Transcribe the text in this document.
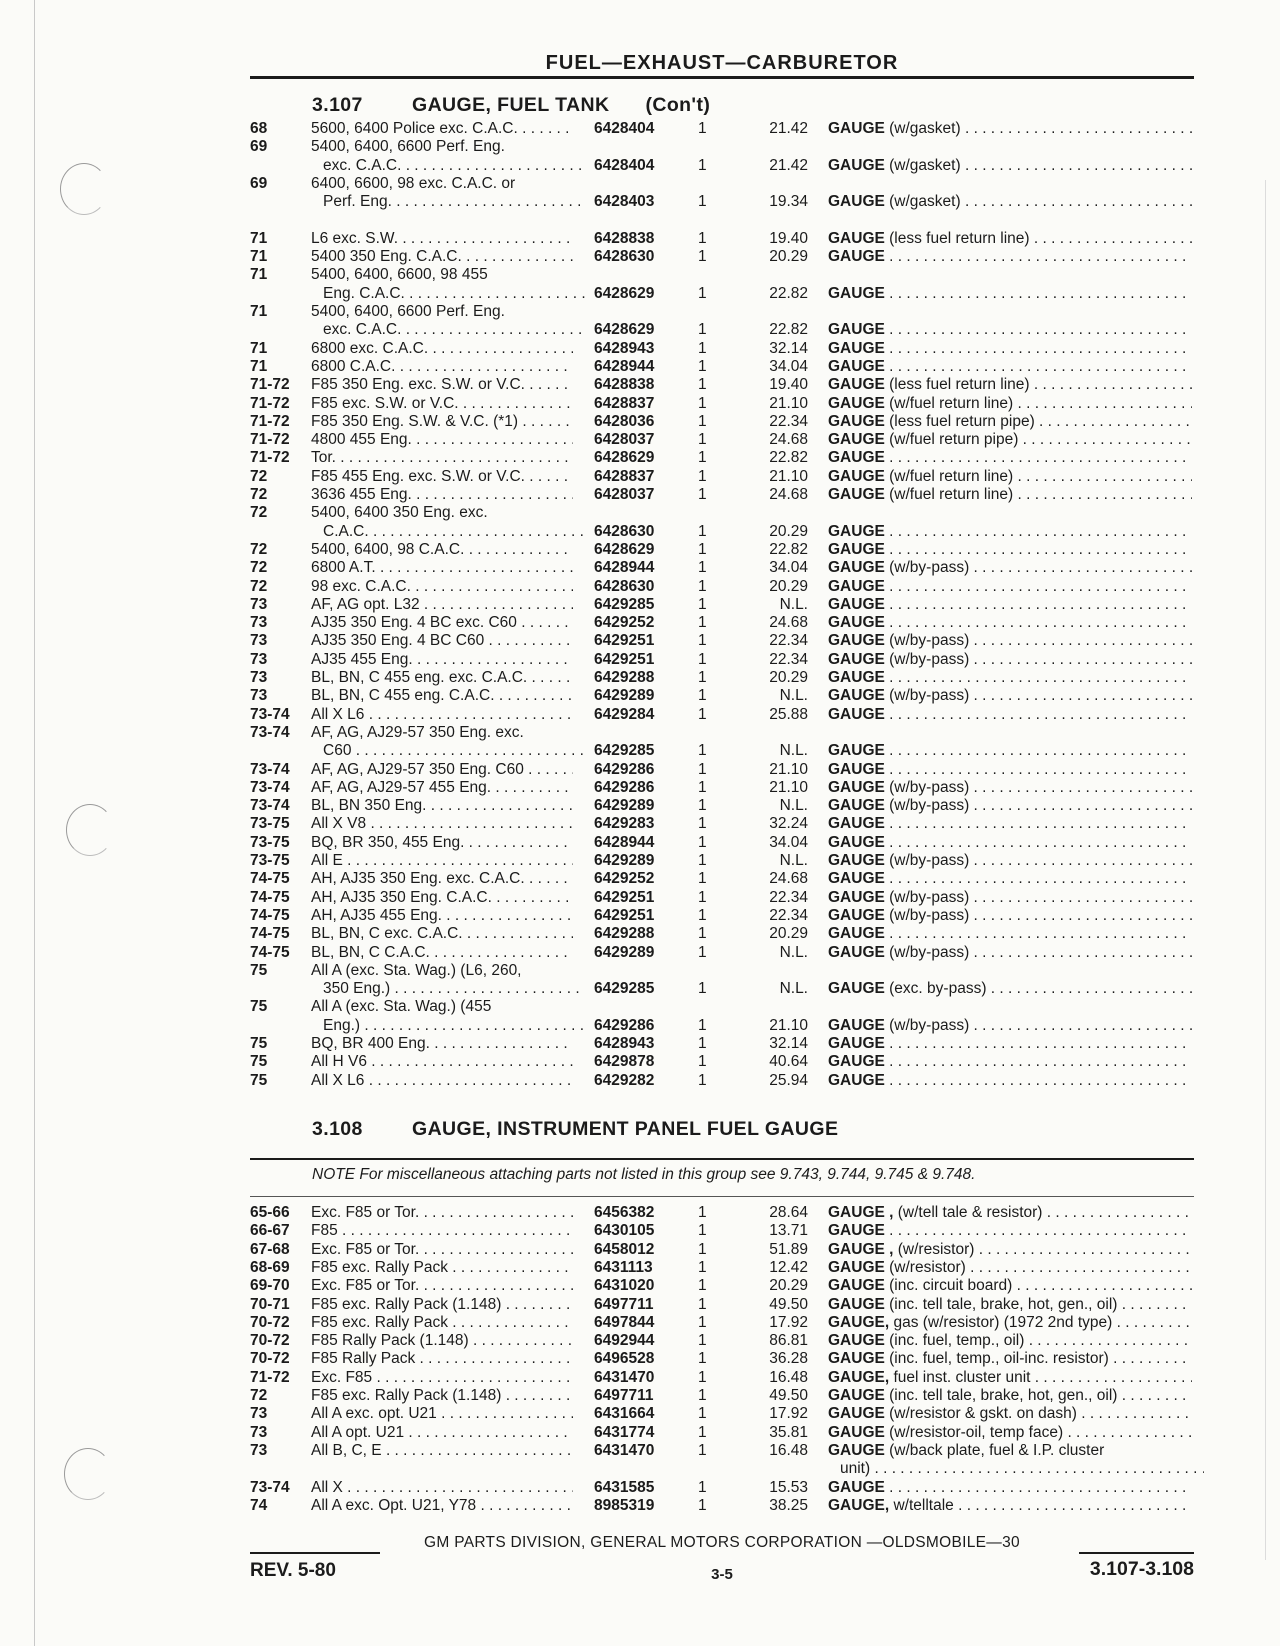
FUEL—EXHAUST—CARBURETOR
3.107	GAUGE, FUEL TANK (Con't)
68	5600, 6400 Police exc. C.A.C. . . . .	6428404	1	21.42 GAUGE (w/gasket) . . .
69	5400, 6400, 6600 Perf. Eng.
exc. C.A.C. . . .	6428404	1	21.42 GAUGE (w/gasket) . . .
69	6400, 6600, 98 exc. C.A.C. or
Perf. Eng. . . .	6428403	1	19.34 GAUGE (w/gasket) . . .
71	L6 exc. S.W. . . .	6428838	1	19.40 GAUGE (less fuel return line) . . .
71	5400 350 Eng. C.A.C. . . .	6428630	1	20.29 GAUGE . . .
71	5400, 6400, 6600, 98 455
Eng. C.A.C. . . .	6428629	1	22.82 GAUGE . . .
71	5400, 6400, 6600 Perf. Eng.
exc. C.A.C. . . .	6428629	1	22.82 GAUGE . . .
71	6800 exc. C.A.C. . . .	6428943	1	32.14 GAUGE . . .
71	6800 C.A.C. . . .	6428944	1	34.04 GAUGE . . .
71-72	F85 350 Eng. exc. S.W. or V.C. . . .	6428838	1	19.40 GAUGE (less fuel return line) . . .
71-72	F85 exc. S.W. or V.C. . . .	6428837	1	21.10 GAUGE (w/fuel return line) . . .
71-72	F85 350 Eng. S.W. & V.C. (*1) . . . .	6428036	1	22.34 GAUGE (less fuel return pipe) . . .
71-72	4800 455 Eng. . . .	6428037	1	24.68 GAUGE (w/fuel return pipe) . . .
71-72	Tor. . . .	6428629	1	22.82 GAUGE . . .
72	F85 455 Eng. exc. S.W. or V.C. . . .	6428837	1	21.10 GAUGE (w/fuel return line) . . .
72	3636 455 Eng. . . .	6428037	1	24.68 GAUGE (w/fuel return line) . . .
72	5400, 6400 350 Eng. exc.
C.A.C. . . .	6428630	1	20.29 GAUGE . . .
72	5400, 6400, 98 C.A.C. . . .	6428629	1	22.82 GAUGE . . .
72	6800 A.T. . . .	6428944	1	34.04 GAUGE (w/by-pass) . . .
72	98 exc. C.A.C. . . .	6428630	1	20.29 GAUGE . . .
73	AF, AG opt. L32 . . .	6429285	1	N.L. GAUGE . . .
73	AJ35 350 Eng. 4 BC exc. C60 . . . .	6429252	1	24.68 GAUGE . . .
73	AJ35 350 Eng. 4 BC C60 . . .	6429251	1	22.34 GAUGE (w/by-pass) . . .
73	AJ35 455 Eng. . . .	6429251	1	22.34 GAUGE (w/by-pass) . . .
73	BL, BN, C 455 eng. exc. C.A.C. . . . .	6429288	1	20.29 GAUGE . . .
73	BL, BN, C 455 eng. C.A.C. . . .	6429289	1	N.L. GAUGE (w/by-pass) . . .
73-74	All X L6 . . .	6429284	1	25.88 GAUGE . . .
73-74	AF, AG, AJ29-57 350 Eng. exc.
C60 . . .	6429285	1	N.L. GAUGE . . .
73-74	AF, AG, AJ29-57 350 Eng. C60 . . .	6429286	1	21.10 GAUGE . . .
73-74	AF, AG, AJ29-57 455 Eng. . . .	6429286	1	21.10 GAUGE (w/by-pass) . . .
73-74	BL, BN 350 Eng. . . .	6429289	1	N.L. GAUGE (w/by-pass) . . .
73-75	All X V8 . . .	6429283	1	32.24 GAUGE . . .
73-75	BQ, BR 350, 455 Eng. . . .	6428944	1	34.04 GAUGE . . .
73-75	All E . . .	6429289	1	N.L. GAUGE (w/by-pass) . . .
74-75	AH, AJ35 350 Eng. exc. C.A.C. . . . .	6429252	1	24.68 GAUGE . . .
74-75	AH, AJ35 350 Eng. C.A.C. . . .	6429251	1	22.34 GAUGE (w/by-pass) . . .
74-75	AH, AJ35 455 Eng. . . .	6429251	1	22.34 GAUGE (w/by-pass) . . .
74-75	BL, BN, C exc. C.A.C. . . .	6429288	1	20.29 GAUGE . . .
74-75	BL, BN, C C.A.C. . . .	6429289	1	N.L. GAUGE (w/by-pass) . . .
75	All A (exc. Sta. Wag.) (L6, 260,
350 Eng.) . . .	6429285	1	N.L. GAUGE (exc. by-pass) . . .
75	All A (exc. Sta. Wag.) (455
Eng.) . . .	6429286	1	21.10 GAUGE (w/by-pass) . . .
75	BQ, BR 400 Eng. . . .	6428943	1	32.14 GAUGE . . .
75	All H V6 . . .	6429878	1	40.64 GAUGE . . .
75	All X L6 . . .	6429282	1	25.94 GAUGE . . .
3.108	GAUGE, INSTRUMENT PANEL FUEL GAUGE
NOTE For miscellaneous attaching parts not listed in this group see 9.743, 9.744, 9.745 & 9.748.
65-66	Exc. F85 or Tor. . . .	6456382	1	28.64 GAUGE , (w/tell tale & resistor) . . .
66-67	F85 . . .	6430105	1	13.71 GAUGE . . .
67-68	Exc. F85 or Tor. . . .	6458012	1	51.89 GAUGE , (w/resistor) . . .
68-69	F85 exc. Rally Pack . . .	6431113	1	12.42 GAUGE (w/resistor) . . .
69-70	Exc. F85 or Tor. . . .	6431020	1	20.29 GAUGE (inc. circuit board) . . .
70-71	F85 exc. Rally Pack (1.148) . . .	6497711	1	49.50 GAUGE (inc. tell tale, brake, hot, gen., oil) . . . .
70-72	F85 exc. Rally Pack . . .	6497844	1	17.92 GAUGE, gas (w/resistor) (1972 2nd type) . . . .
70-72	F85 Rally Pack (1.148) . . .	6492944	1	86.81 GAUGE (inc. fuel, temp., oil) . . .
70-72	F85 Rally Pack . . .	6496528	1	36.28 GAUGE (inc. fuel, temp., oil-inc. resistor) . . . . .
71-72	Exc. F85 . . .	6431470	1	16.48 GAUGE, fuel inst. cluster unit . . .
72	F85 exc. Rally Pack (1.148) . . .	6497711	1	49.50 GAUGE (inc. tell tale, brake, hot, gen., oil) . . . .
73	All A exc. opt. U21 . . .	6431664	1	17.92 GAUGE (w/resistor & gskt. on dash) . . .
73	All A opt. U21 . . .	6431774	1	35.81 GAUGE (w/resistor-oil, temp face) . . .
73	All B, C, E . . .	6431470	1	16.48 GAUGE (w/back plate, fuel & I.P. cluster
unit) . . .
73-74	All X . . .	6431585	1	15.53 GAUGE . . .
74	All A exc. Opt. U21, Y78 . . .	8985319	1	38.25 GAUGE, w/telltale . . .
GM PARTS DIVISION, GENERAL MOTORS CORPORATION —OLDSMOBILE—30
REV. 5-80	3-5	3.107-3.108
